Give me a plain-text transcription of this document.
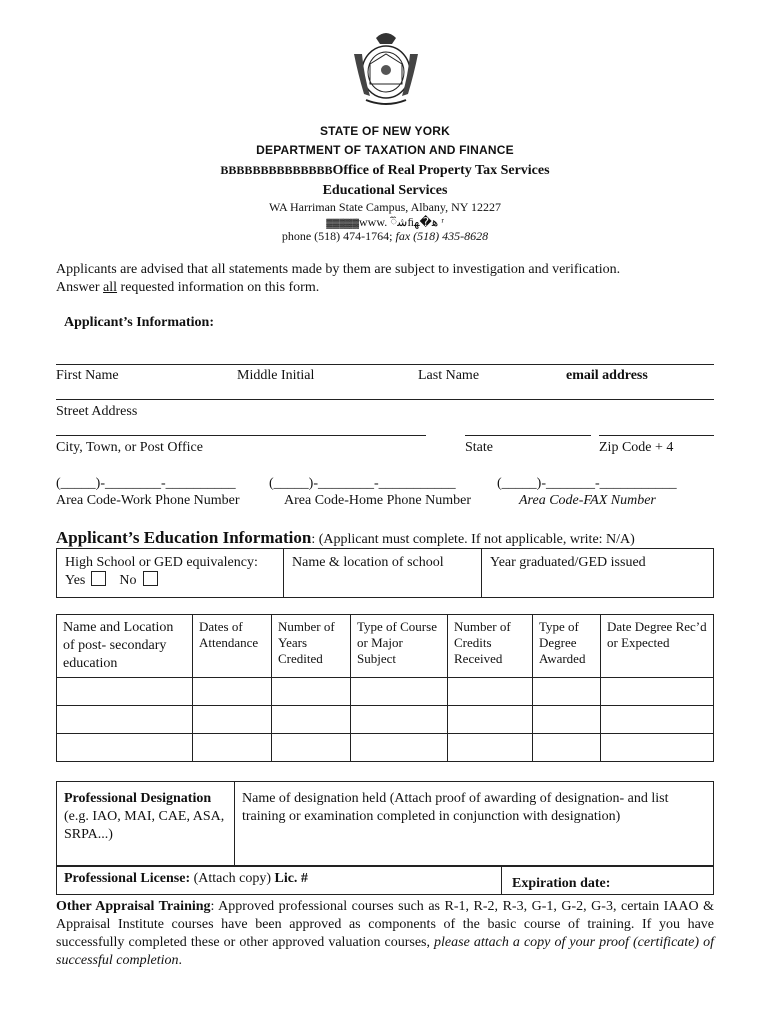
STATE OF NEW YORK
DEPARTMENT OF TAXATION AND FINANCE
BBBBBBBBBBBBBBOffice of Real Property Tax Services
Educational Services
WA Harriman State Campus, Albany, NY 12227
▓▓▓▓▓www. ﻿ﺷ៊ﬁﻫ�ﻬ ʳ
phone (518) 474-1764; fax (518) 435-8628
Applicants are advised that all statements made by them are subject to investigation and verification.
Answer all requested information on this form.
Applicant’s Information:
First Name	Middle Initial	Last Name	email address
Street Address
City, Town, or Post Office	State	Zip Code + 4
(_____)-________-__________ (_____)-________-___________	(_____)-_______-___________
Area Code-Work Phone Number	Area Code-Home Phone Number	Area Code-FAX Number
Applicant’s Education Information: (Applicant must complete. If not applicable, write: N/A)
High School or GED equivalency:
Yes No
	Name & location of school	Year graduated/GED issued
Name and Location of post- secondary education	Dates of Attendance	Number of Years Credited	Type of Course or Major Subject	Number of Credits Received	Type of Degree Awarded	Date Degree Rec’d or Expected

Professional Designation
(e.g. IAO, MAI, CAE, ASA, SRPA...)	Name of designation held (Attach proof of awarding of designation- and list training or examination completed in conjunction with designation)
Professional License: (Attach copy) Lic. #	Expiration date:
Other Appraisal Training: Approved professional courses such as R-1, R-2, R-3, G-1, G-2, G-3, certain IAAO & Appraisal Institute courses have been approved as components of the basic course of training. If you have successfully completed these or other approved valuation courses, please attach a copy of your proof (certificate) of successful completion.
